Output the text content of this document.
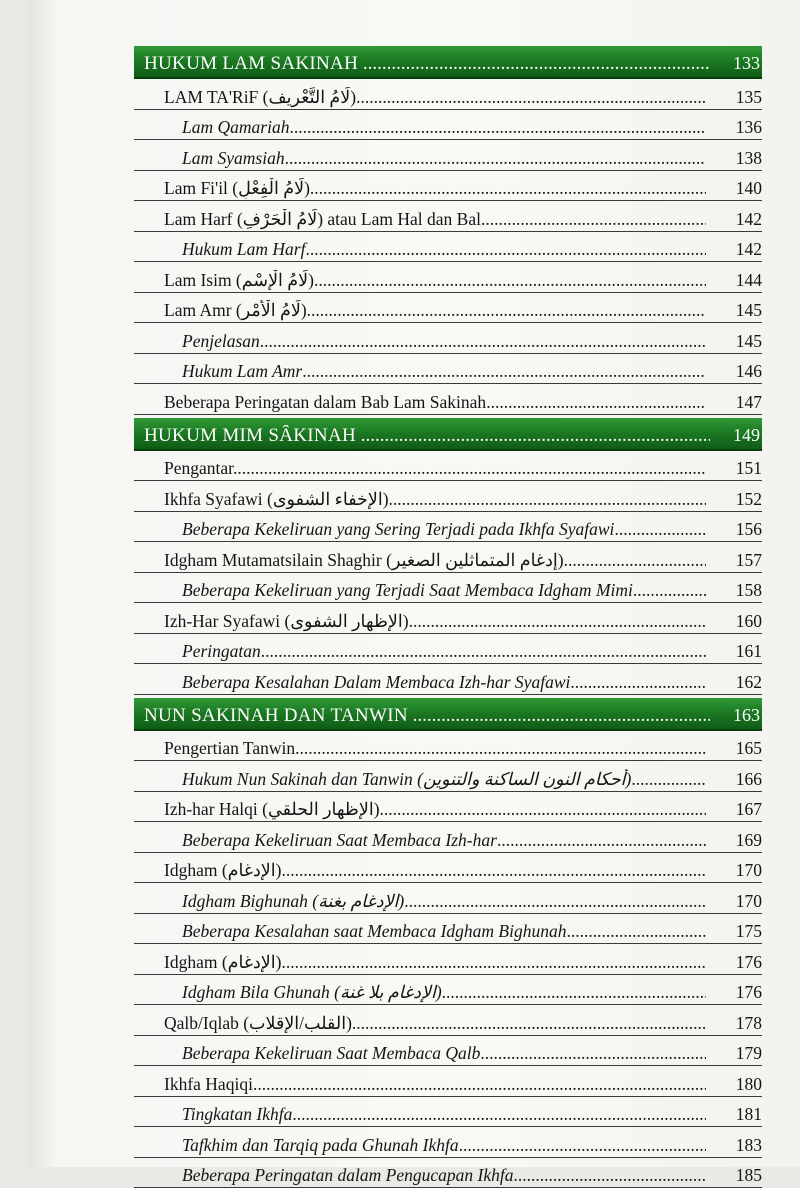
HUKUM LAM SAKINAH .....	133
LAM TA'RiF (لَامُ التَّعْرِيف) .....	135
Lam Qamariah .....	136
Lam Syamsiah .....	138
Lam Fi'il (لَامُ الْفِعْلِ) .....	140
Lam Harf (لَامُ الْحَرْفِ) atau Lam Hal dan Bal .....	142
Hukum Lam Harf .....	142
Lam Isim (لَامُ الْإِسْمِ) .....	144
Lam Amr (لَامُ الْأَمْرِ) .....	145
Penjelasan .....	145
Hukum Lam Amr .....	146
Beberapa Peringatan dalam Bab Lam Sakinah .....	147
HUKUM MIM SÂKINAH .....	149
Pengantar .....	151
Ikhfa Syafawi (الإخفاء الشفوى) .....	152
Beberapa Kekeliruan yang Sering Terjadi pada Ikhfa Syafawi .....	156
Idgham Mutamatsilain Shaghir (إدغام المتماثلين الصغير) .....	157
Beberapa Kekeliruan yang Terjadi Saat Membaca Idgham Mimi .....	158
Izh-Har Syafawi (الإظهار الشفوى) .....	160
Peringatan .....	161
Beberapa Kesalahan Dalam Membaca Izh-har Syafawi .....	162
NUN SAKINAH DAN TANWIN .....	163
Pengertian Tanwin .....	165
Hukum Nun Sakinah dan Tanwin (أحكام النون الساكنة والتنوين) .....	166
Izh-har Halqi (الإظهار الحلقي) .....	167
Beberapa Kekeliruan Saat Membaca Izh-har .....	169
Idgham (الإدغام) .....	170
Idgham Bighunah (الإدغام بغنة) .....	170
Beberapa Kesalahan saat Membaca Idgham Bighunah .....	175
Idgham (الإدغام) .....	176
Idgham Bila Ghunah (الإدغام بلا غنة) .....	176
Qalb/Iqlab (القلب/الإقلاب) .....	178
Beberapa Kekeliruan Saat Membaca Qalb .....	179
Ikhfa Haqiqi .....	180
Tingkatan Ikhfa .....	181
Tafkhim dan Tarqiq pada Ghunah Ikhfa .....	183
Beberapa Peringatan dalam Pengucapan Ikhfa .....	185
